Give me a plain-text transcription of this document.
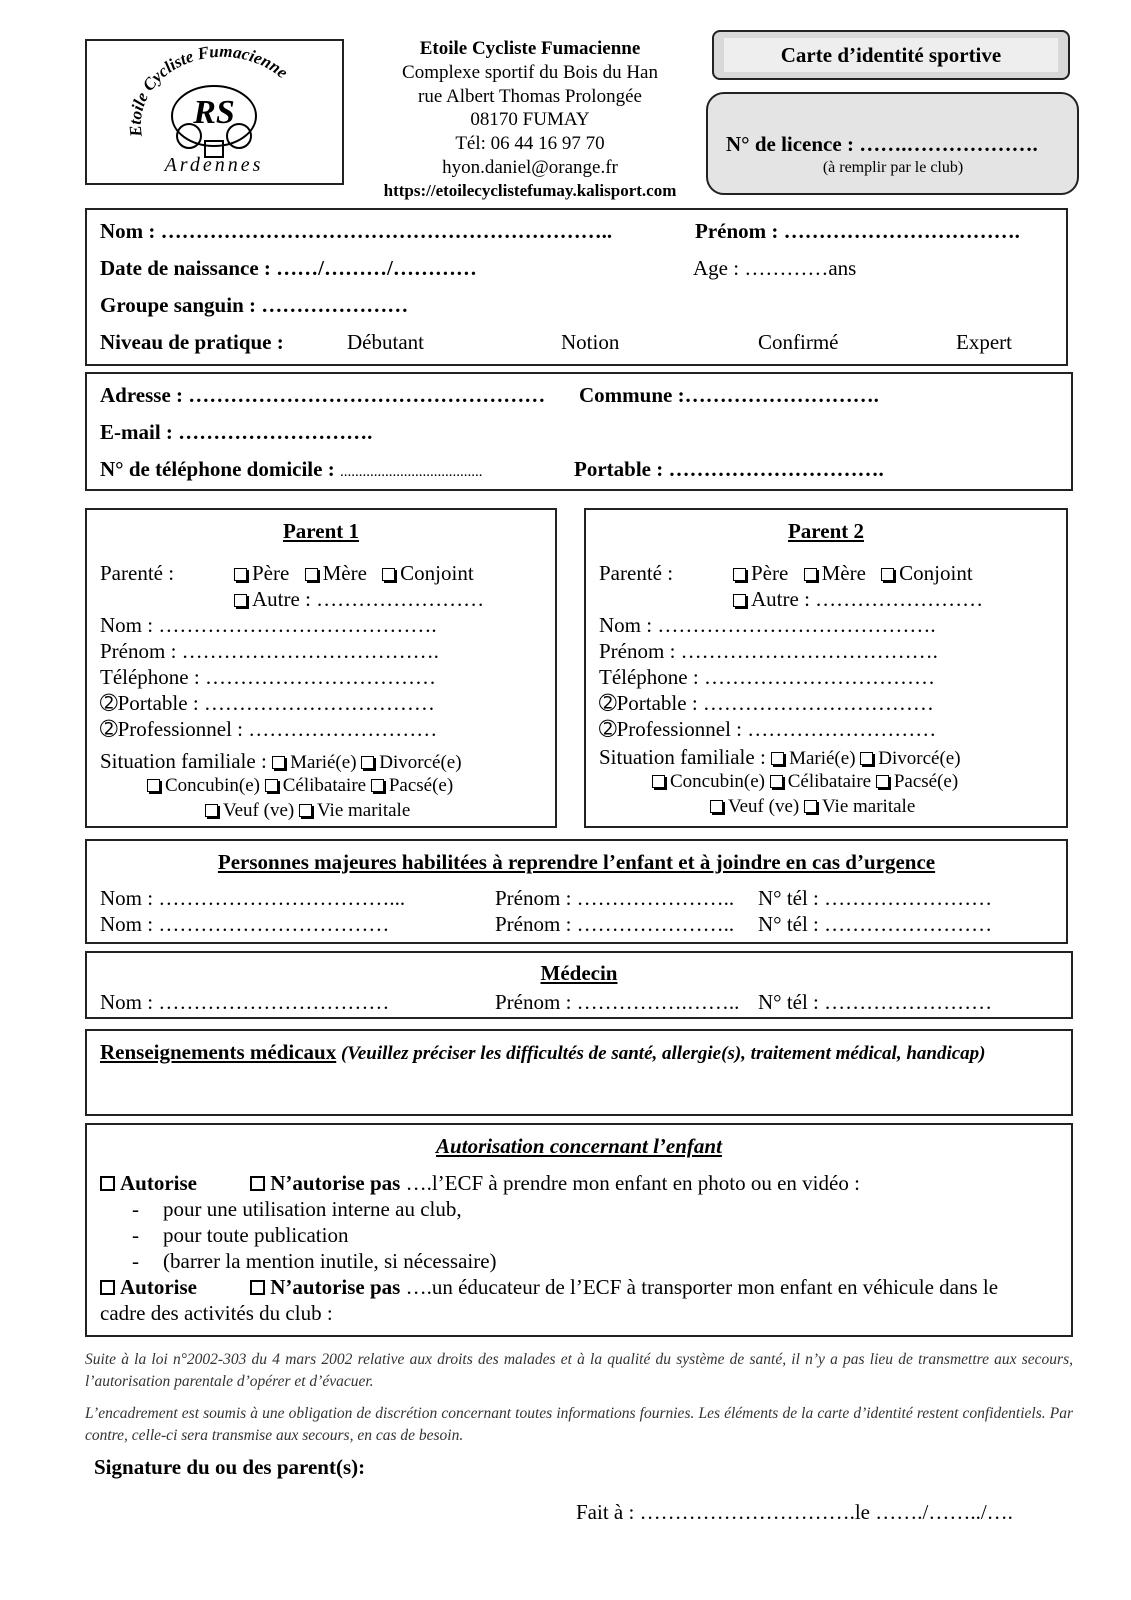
Etoile Cycliste Fumacienne
RS
Ardennes
Etoile Cycliste Fumacienne
Complexe sportif du Bois du Han
rue Albert Thomas Prolongée
08170 FUMAY
Tél: 06 44 16 97 70
hyon.daniel@orange.fr
https://etoilecyclistefumay.kalisport.com
Carte d’identité sportive
N° de licence : …….……………….
(à remplir par le club)
Nom : ………………………………………………………..	Prénom : …………………………….
Date de naissance : ……/………/…………	Age : …………ans
Groupe sanguin : …………………
Niveau de pratique :	Débutant	Notion	Confirmé	Expert
Adresse : …………………………………………… Commune :……………………….
E-mail : ……………………….
N° de téléphone domicile : ......................................	Portable : ………………………….
Parent 1
Parenté :	Père Mère Conjoint
Autre : ……………………
Nom : ………………………………….
Prénom : ……………………………….
Téléphone : ……………………………
➁Portable : ……………………………
➁Professionnel : ………………………
Situation familiale : Marié(e) Divorcé(e)
Concubin(e) Célibataire Pacsé(e)
Veuf (ve) Vie maritale
Parent 2
Parenté :	Père Mère Conjoint
Autre : ……………………
Nom : ………………………………….
Prénom : ……………………………….
Téléphone : ……………………………
➁Portable : ……………………………
➁Professionnel : ………………………
Situation familiale : Marié(e) Divorcé(e)
Concubin(e) Célibataire Pacsé(e)
Veuf (ve) Vie maritale
Personnes majeures habilitées à reprendre l’enfant et à joindre en cas d’urgence
Nom : ……………………………...	Prénom : ………………….. N° tél : ……………………
Nom : ……………………………	Prénom : ………………….. N° tél : ……………………
Médecin
Nom : ……………………………	Prénom : …………….…….. N° tél : ……………………
Renseignements médicaux (Veuillez préciser les difficultés de santé, allergie(s), traitement médical, handicap)
Autorisation concernant l’enfant
Autorise	N’autorise pas ….l’ECF à prendre mon enfant en photo ou en vidéo :
- pour une utilisation interne au club,
- pour toute publication
- (barrer la mention inutile, si nécessaire)
Autorise	N’autorise pas ….un éducateur de l’ECF à transporter mon enfant en véhicule dans le
cadre des activités du club :
Suite à la loi n°2002-303 du 4 mars 2002 relative aux droits des malades et à la qualité du système de santé, il n’y a pas lieu de transmettre aux secours, l’autorisation parentale d’opérer et d’évacuer.
L’encadrement est soumis à une obligation de discrétion concernant toutes informations fournies. Les éléments de la carte d’identité restent confidentiels. Par contre, celle-ci sera transmise aux secours, en cas de besoin.
Signature du ou des parent(s):
Fait à : ………………………….le ……./……../….
